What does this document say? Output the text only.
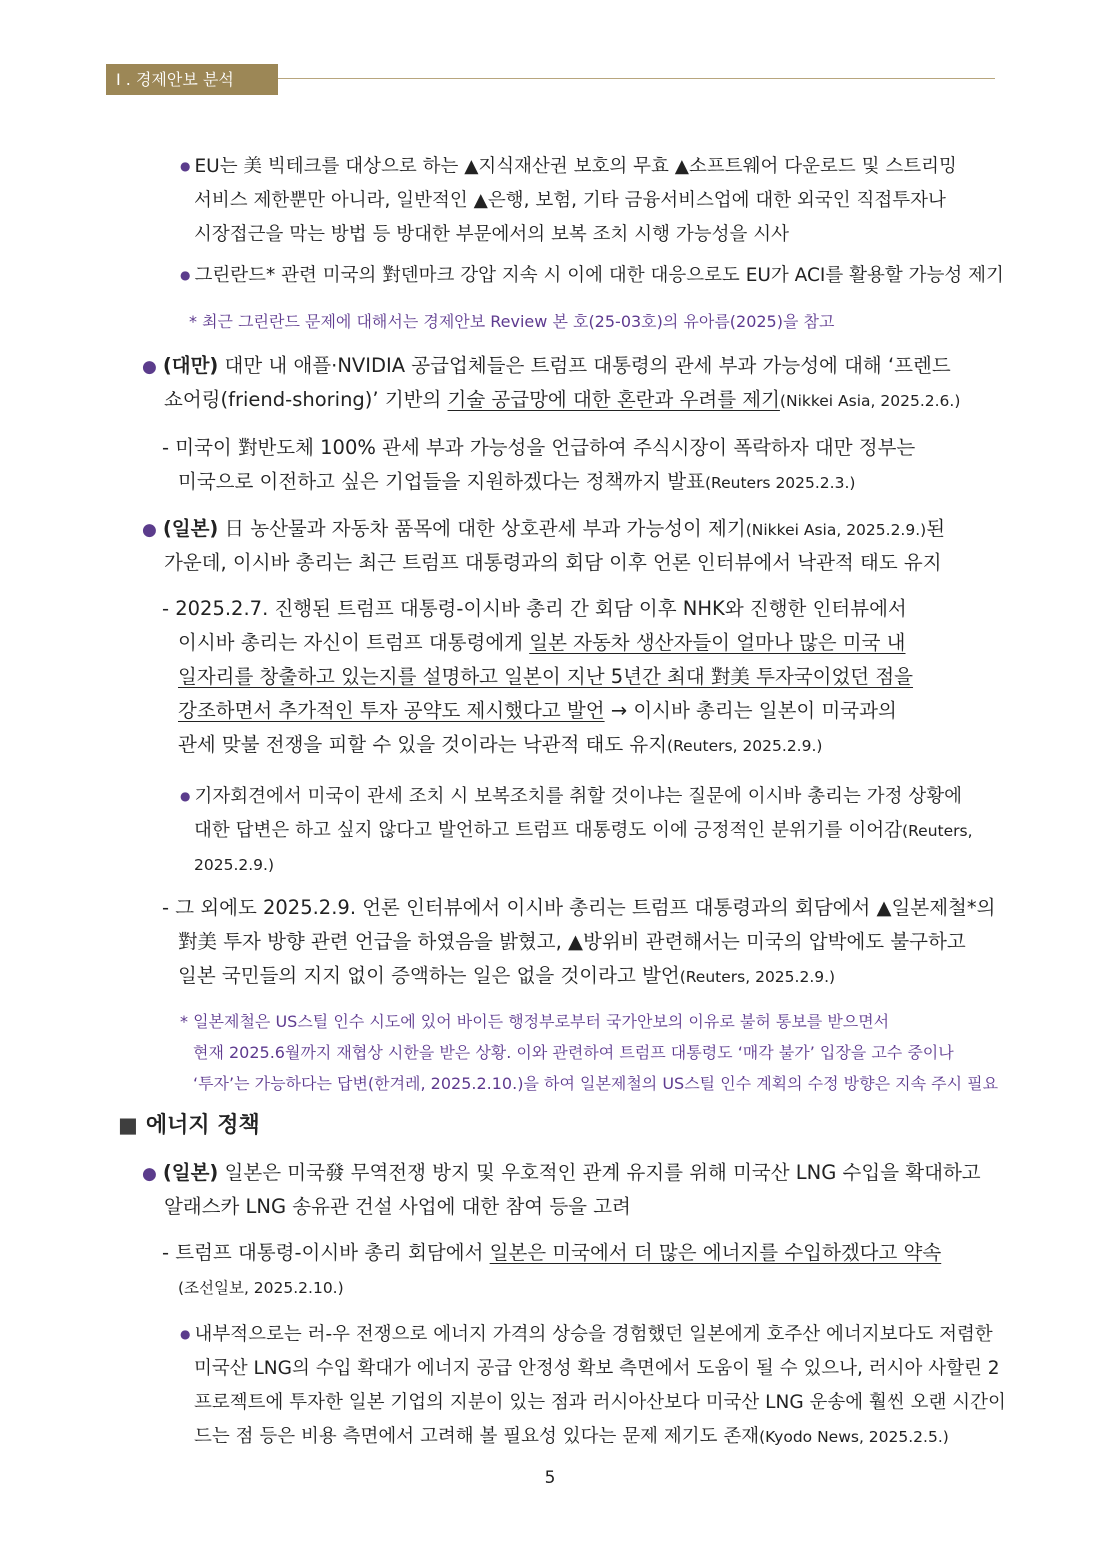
I . 경제안보 분석
● EU는 美 빅테크를 대상으로 하는 ▲지식재산권 보호의 무효 ▲소프트웨어 다운로드 및 스트리밍
서비스 제한뿐만 아니라, 일반적인 ▲은행, 보험, 기타 금융서비스업에 대한 외국인 직접투자나
시장접근을 막는 방법 등 방대한 부문에서의 보복 조치 시행 가능성을 시사
● 그린란드* 관련 미국의 對덴마크 강압 지속 시 이에 대한 대응으로도 EU가 ACI를 활용할 가능성 제기
* 최근 그린란드 문제에 대해서는 경제안보 Review 본 호(25-03호)의 유아름(2025)을 참고
● (대만) 대만 내 애플·NVIDIA 공급업체들은 트럼프 대통령의 관세 부과 가능성에 대해 ‘프렌드
쇼어링(friend-shoring)’ 기반의 기술 공급망에 대한 혼란과 우려를 제기(Nikkei Asia, 2025.2.6.)
- 미국이 對반도체 100% 관세 부과 가능성을 언급하여 주식시장이 폭락하자 대만 정부는
미국으로 이전하고 싶은 기업들을 지원하겠다는 정책까지 발표(Reuters 2025.2.3.)
● (일본) 日 농산물과 자동차 품목에 대한 상호관세 부과 가능성이 제기(Nikkei Asia, 2025.2.9.)된
가운데, 이시바 총리는 최근 트럼프 대통령과의 회담 이후 언론 인터뷰에서 낙관적 태도 유지
- 2025.2.7. 진행된 트럼프 대통령-이시바 총리 간 회담 이후 NHK와 진행한 인터뷰에서
이시바 총리는 자신이 트럼프 대통령에게 일본 자동차 생산자들이 얼마나 많은 미국 내
일자리를 창출하고 있는지를 설명하고 일본이 지난 5년간 최대 對美 투자국이었던 점을
강조하면서 추가적인 투자 공약도 제시했다고 발언 → 이시바 총리는 일본이 미국과의
관세 맞불 전쟁을 피할 수 있을 것이라는 낙관적 태도 유지(Reuters, 2025.2.9.)
● 기자회견에서 미국이 관세 조치 시 보복조치를 취할 것이냐는 질문에 이시바 총리는 가정 상황에
대한 답변은 하고 싶지 않다고 발언하고 트럼프 대통령도 이에 긍정적인 분위기를 이어감(Reuters,
2025.2.9.)
- 그 외에도 2025.2.9. 언론 인터뷰에서 이시바 총리는 트럼프 대통령과의 회담에서 ▲일본제철*의
對美 투자 방향 관련 언급을 하였음을 밝혔고, ▲방위비 관련해서는 미국의 압박에도 불구하고
일본 국민들의 지지 없이 증액하는 일은 없을 것이라고 발언(Reuters, 2025.2.9.)
* 일본제철은 US스틸 인수 시도에 있어 바이든 행정부로부터 국가안보의 이유로 불허 통보를 받으면서
현재 2025.6월까지 재협상 시한을 받은 상황. 이와 관련하여 트럼프 대통령도 ‘매각 불가’ 입장을 고수 중이나
‘투자’는 가능하다는 답변(한겨레, 2025.2.10.)을 하여 일본제철의 US스틸 인수 계획의 수정 방향은 지속 주시 필요
■ 에너지 정책
● (일본) 일본은 미국發 무역전쟁 방지 및 우호적인 관계 유지를 위해 미국산 LNG 수입을 확대하고
알래스카 LNG 송유관 건설 사업에 대한 참여 등을 고려
- 트럼프 대통령-이시바 총리 회담에서 일본은 미국에서 더 많은 에너지를 수입하겠다고 약속
(조선일보, 2025.2.10.)
● 내부적으로는 러-우 전쟁으로 에너지 가격의 상승을 경험했던 일본에게 호주산 에너지보다도 저렴한
미국산 LNG의 수입 확대가 에너지 공급 안정성 확보 측면에서 도움이 될 수 있으나, 러시아 사할린 2
프로젝트에 투자한 일본 기업의 지분이 있는 점과 러시아산보다 미국산 LNG 운송에 훨씬 오랜 시간이
드는 점 등은 비용 측면에서 고려해 볼 필요성 있다는 문제 제기도 존재(Kyodo News, 2025.2.5.)
5
